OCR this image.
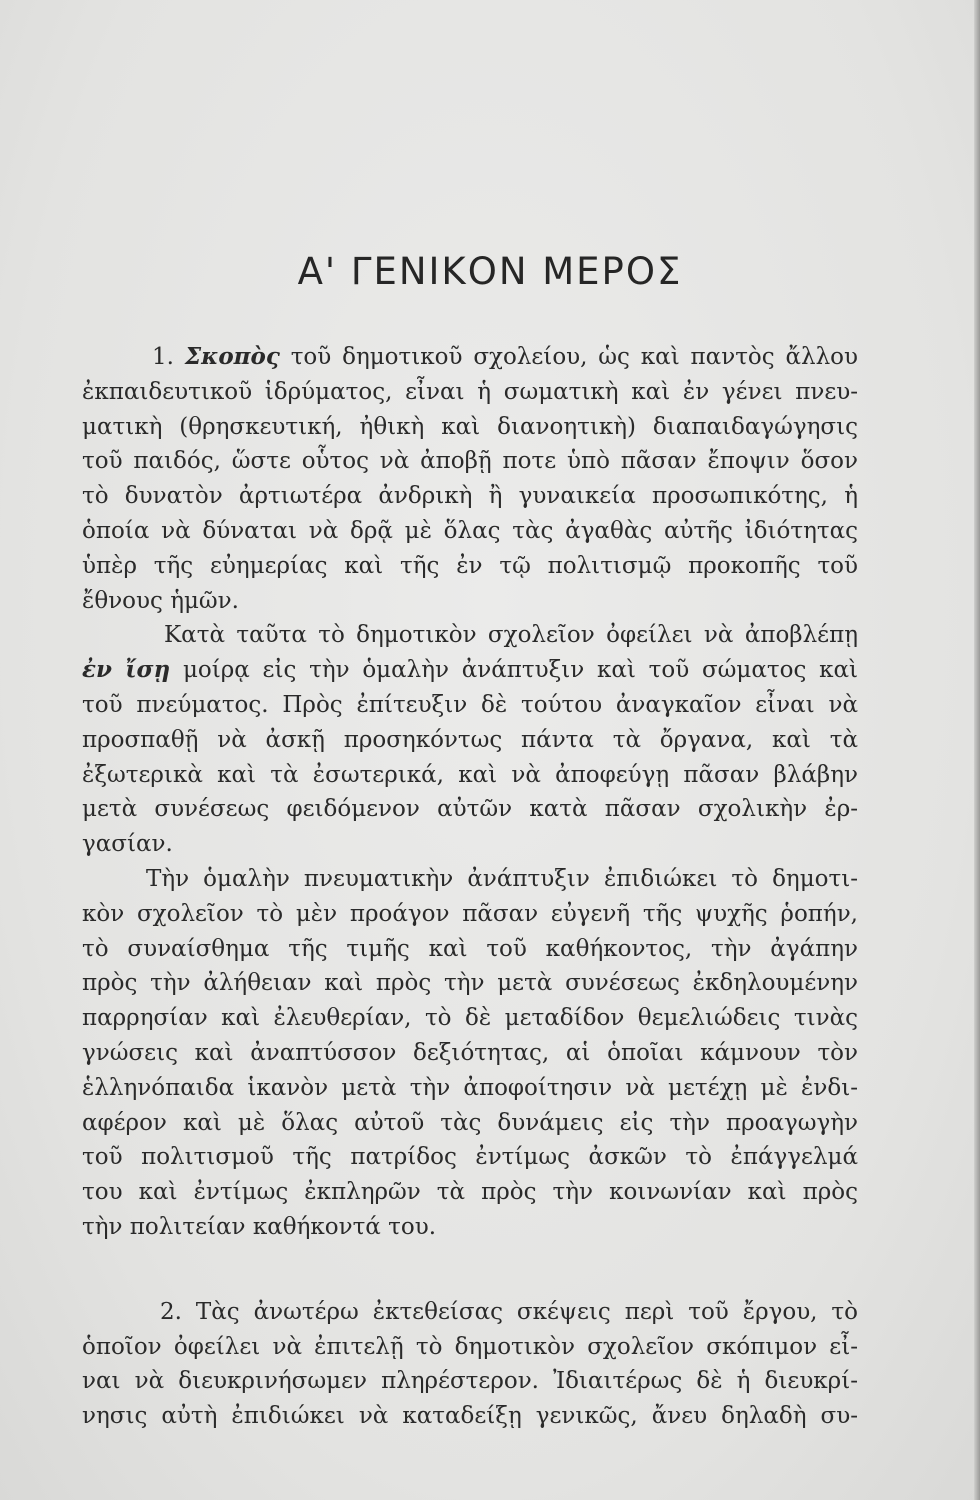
Α' ΓΕΝΙΚΟΝ ΜΕΡΟΣ
1. Σκοπὸς τοῦ δημοτικοῦ σχολείου, ὡς καὶ παντὸς ἄλλου
ἐκπαιδευτικοῦ ἱδρύματος, εἶναι ἡ σωματικὴ καὶ ἐν γένει πνευ-
ματικὴ (θρησκευτική, ἠθικὴ καὶ διανοητικὴ) διαπαιδαγώγησις
τοῦ παιδός, ὥστε οὗτος νὰ ἀποβῇ ποτε ὑπὸ πᾶσαν ἔποψιν ὅσον
τὸ δυνατὸν ἀρτιωτέρα ἀνδρικὴ ἢ γυναικεία προσωπικότης, ἡ
ὁποία νὰ δύναται νὰ δρᾷ μὲ ὅλας τὰς ἀγαθὰς αὐτῆς ἰδιότητας
ὑπὲρ τῆς εὐημερίας καὶ τῆς ἐν τῷ πολιτισμῷ προκοπῆς τοῦ
ἔθνους ἡμῶν.
Κατὰ ταῦτα τὸ δημοτικὸν σχολεῖον ὀφείλει νὰ ἀποβλέπῃ
ἐν ἴσῃ μοίρᾳ εἰς τὴν ὁμαλὴν ἀνάπτυξιν καὶ τοῦ σώματος καὶ
τοῦ πνεύματος. Πρὸς ἐπίτευξιν δὲ τούτου ἀναγκαῖον εἶναι νὰ
προσπαθῇ νὰ ἀσκῇ προσηκόντως πάντα τὰ ὄργανα, καὶ τὰ
ἐξωτερικὰ καὶ τὰ ἐσωτερικά, καὶ νὰ ἀποφεύγῃ πᾶσαν βλάβην
μετὰ συνέσεως φειδόμενον αὐτῶν κατὰ πᾶσαν σχολικὴν ἐρ-
γασίαν.
Τὴν ὁμαλὴν πνευματικὴν ἀνάπτυξιν ἐπιδιώκει τὸ δημοτι-
κὸν σχολεῖον τὸ μὲν προάγον πᾶσαν εὐγενῆ τῆς ψυχῆς ῥοπήν,
τὸ συναίσθημα τῆς τιμῆς καὶ τοῦ καθήκοντος, τὴν ἀγάπην
πρὸς τὴν ἀλήθειαν καὶ πρὸς τὴν μετὰ συνέσεως ἐκδηλουμένην
παρρησίαν καὶ ἐλευθερίαν, τὸ δὲ μεταδίδον θεμελιώδεις τινὰς
γνώσεις καὶ ἀναπτύσσον δεξιότητας, αἱ ὁποῖαι κάμνουν τὸν
ἑλληνόπαιδα ἱκανὸν μετὰ τὴν ἀποφοίτησιν νὰ μετέχῃ μὲ ἐνδι-
αφέρον καὶ μὲ ὅλας αὐτοῦ τὰς δυνάμεις εἰς τὴν προαγωγὴν
τοῦ πολιτισμοῦ τῆς πατρίδος ἐντίμως ἀσκῶν τὸ ἐπάγγελμά
του καὶ ἐντίμως ἐκπληρῶν τὰ πρὸς τὴν κοινωνίαν καὶ πρὸς
τὴν πολιτείαν καθήκοντά του.
2. Τὰς ἀνωτέρω ἐκτεθείσας σκέψεις περὶ τοῦ ἔργου, τὸ
ὁποῖον ὀφείλει νὰ ἐπιτελῇ τὸ δημοτικὸν σχολεῖον σκόπιμον εἶ-
ναι νὰ διευκρινήσωμεν πληρέστερον. Ἰδιαιτέρως δὲ ἡ διευκρί-
νησις αὐτὴ ἐπιδιώκει νὰ καταδείξῃ γενικῶς, ἄνευ δηλαδὴ συ-
